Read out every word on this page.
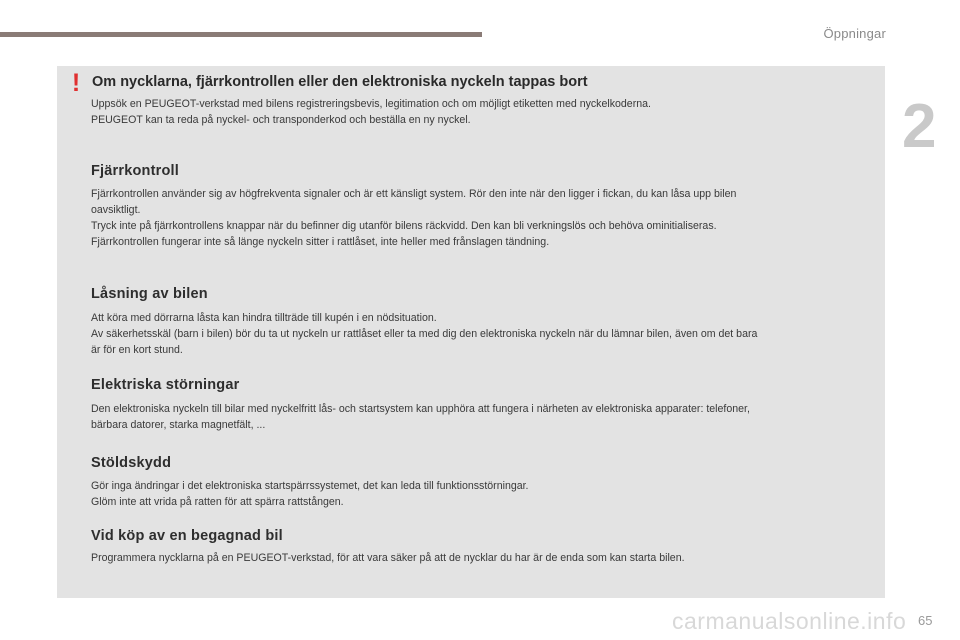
Öppningar
2
! Om nycklarna, fjärrkontrollen eller den elektroniska nyckeln tappas bort

Uppsök en PEUGEOT-verkstad med bilens registreringsbevis, legitimation och om möjligt etiketten med nyckelkoderna.
PEUGEOT kan ta reda på nyckel- och transponderkod och beställa en ny nyckel.

Fjärrkontroll

Fjärrkontrollen använder sig av högfrekventa signaler och är ett känsligt system. Rör den inte när den ligger i fickan, du kan låsa upp bilen
oavsiktligt.
Tryck inte på fjärrkontrollens knappar när du befinner dig utanför bilens räckvidd. Den kan bli verkningslös och behöva ominitialiseras.
Fjärrkontrollen fungerar inte så länge nyckeln sitter i rattlåset, inte heller med frånslagen tändning.

Låsning av bilen

Att köra med dörrarna låsta kan hindra tillträde till kupén i en nödsituation.
Av säkerhetsskäl (barn i bilen) bör du ta ut nyckeln ur rattlåset eller ta med dig den elektroniska nyckeln när du lämnar bilen, även om det bara
är för en kort stund.

Elektriska störningar

Den elektroniska nyckeln till bilar med nyckelfritt lås- och startsystem kan upphöra att fungera i närheten av elektroniska apparater: telefoner,
bärbara datorer, starka magnetfält, ...

Stöldskydd

Gör inga ändringar i det elektroniska startspärrssystemet, det kan leda till funktionsstörningar.
Glöm inte att vrida på ratten för att spärra rattstången.

Vid köp av en begagnad bil

Programmera nycklarna på en PEUGEOT-verkstad, för att vara säker på att de nycklar du har är de enda som kan starta bilen.

carmanualsonline.info 65
